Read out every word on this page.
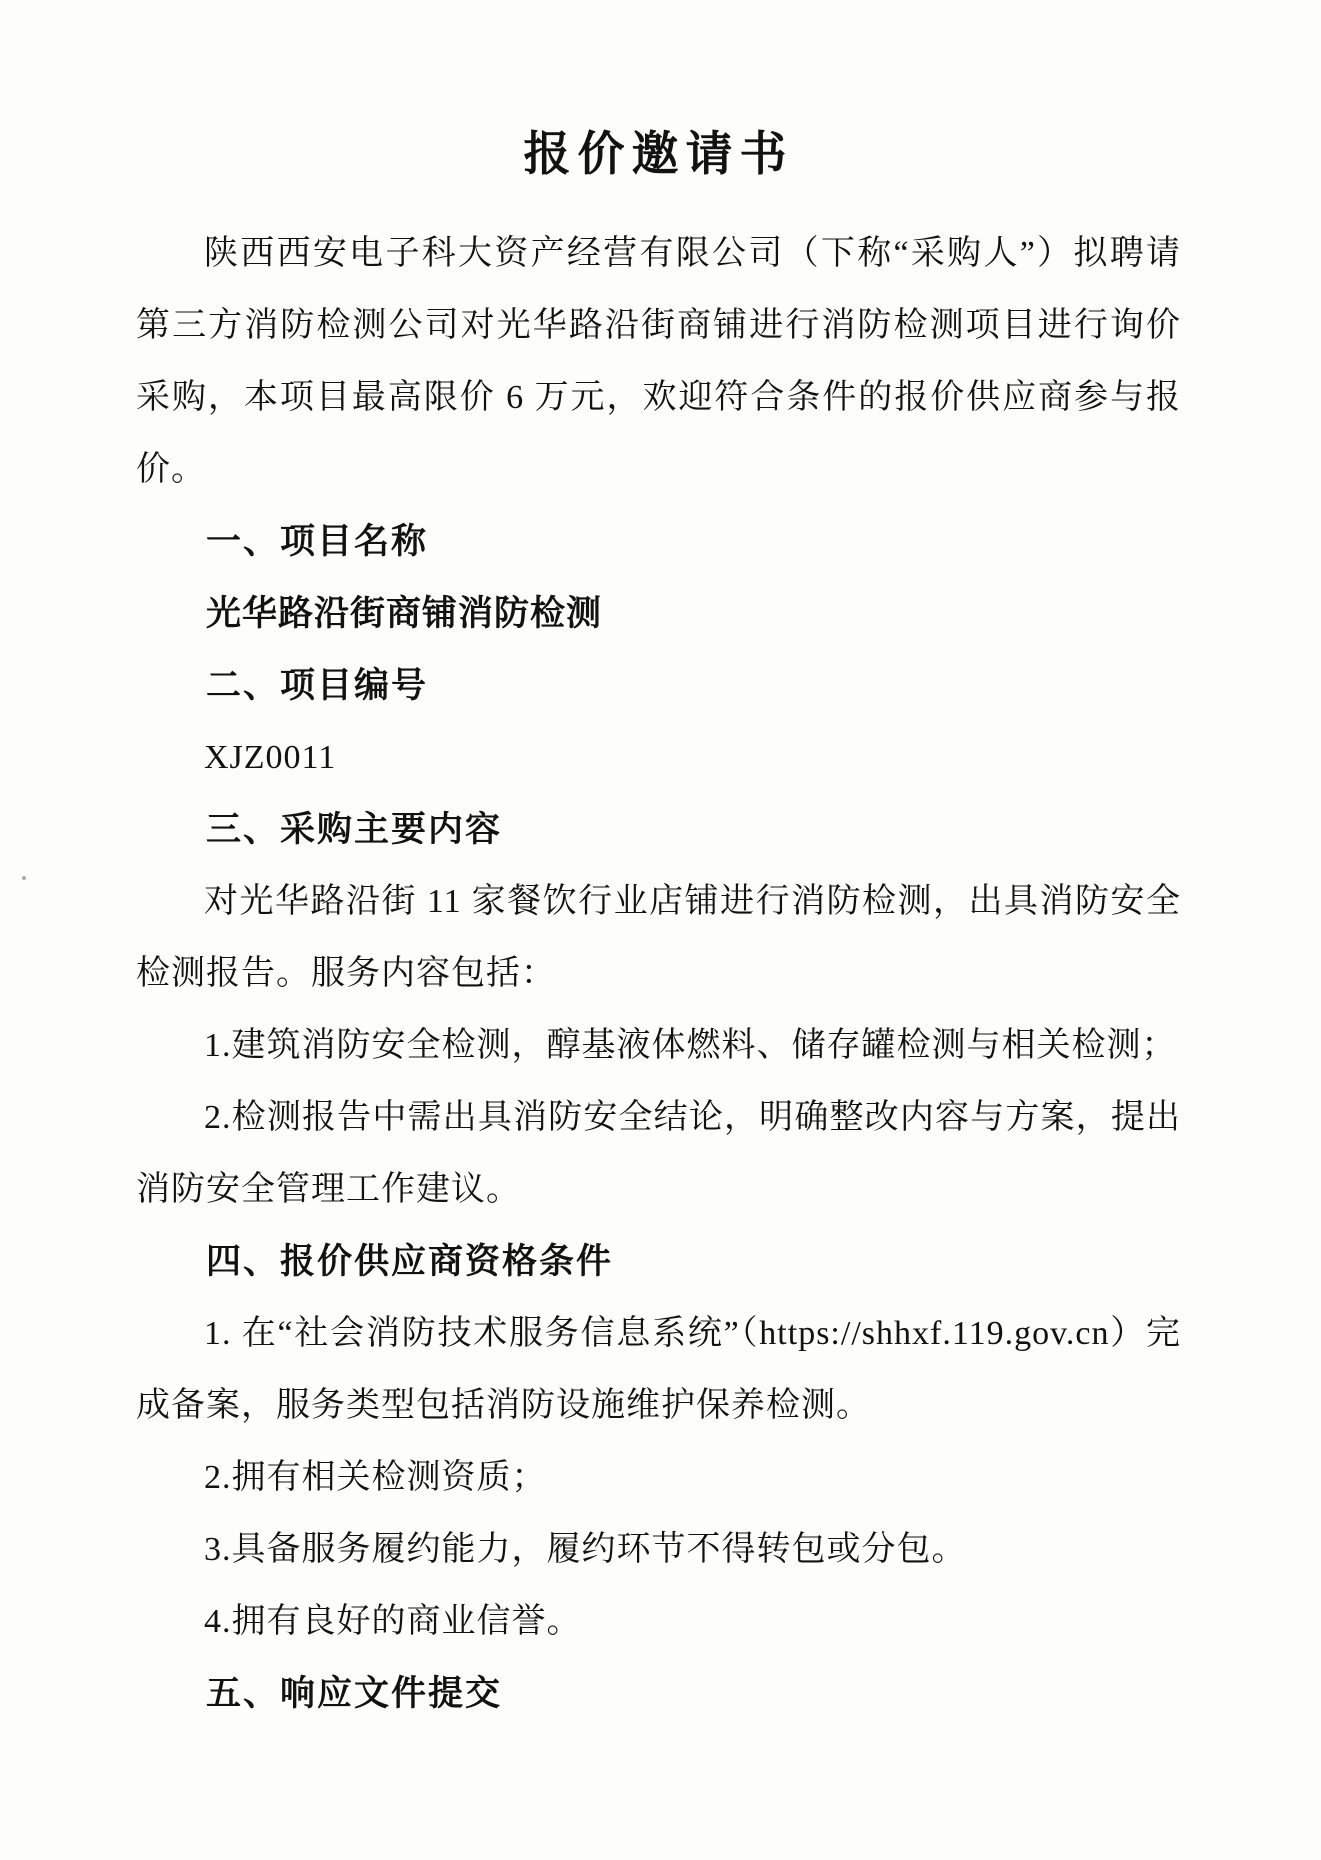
报价邀请书

陕西西安电子科大资产经营有限公司（下称“采购人”）拟聘请第三方消防检测公司对光华路沿街商铺进行消防检测项目进行询价采购，本项目最高限价 6 万元，欢迎符合条件的报价供应商参与报价。

一、项目名称

光华路沿街商铺消防检测

二、项目编号

XJZ0011

三、采购主要内容

对光华路沿街 11 家餐饮行业店铺进行消防检测，出具消防安全检测报告。服务内容包括：

1.建筑消防安全检测，醇基液体燃料、储存罐检测与相关检测；

2.检测报告中需出具消防安全结论，明确整改内容与方案，提出消防安全管理工作建议。

四、报价供应商资格条件

1. 在“社会消防技术服务信息系统”（https://shhxf.119.gov.cn）完成备案，服务类型包括消防设施维护保养检测。

2.拥有相关检测资质；

3.具备服务履约能力，履约环节不得转包或分包。

4.拥有良好的商业信誉。

五、响应文件提交
